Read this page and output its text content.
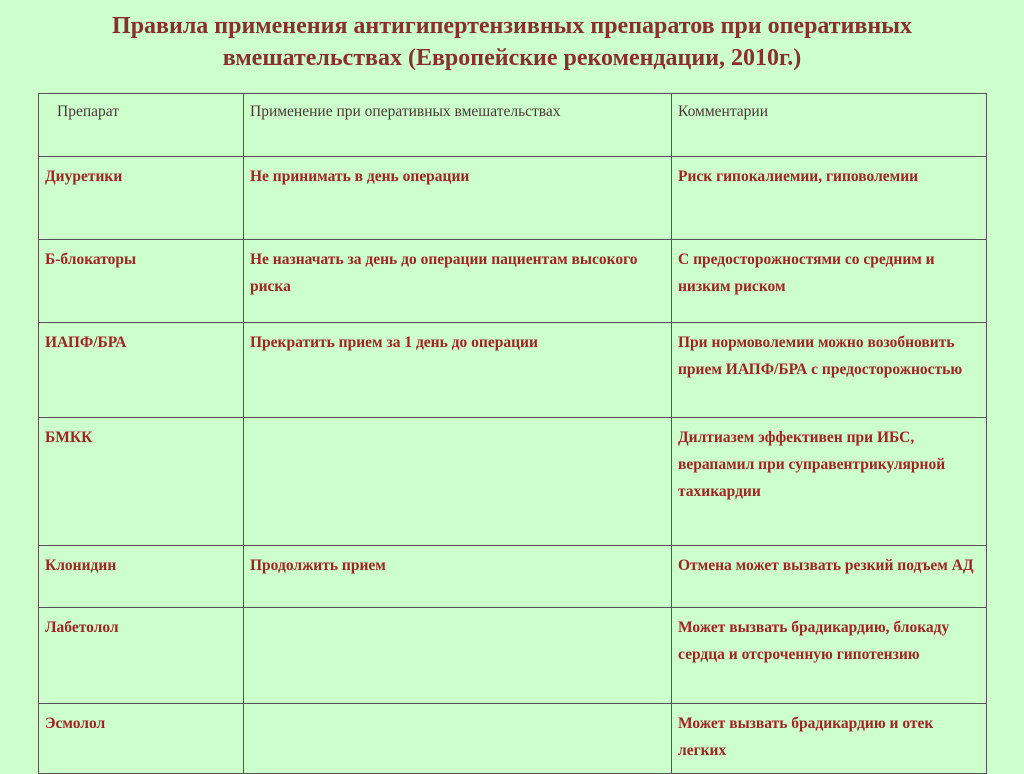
Правила применения антигипертензивных препаратов при оперативных
вмешательствах (Европейские рекомендации, 2010г.)
Препарат	Применение при оперативных вмешательствах	Комментарии
Диуретики	Не принимать в день операции	Риск гипокалиемии, гиповолемии
Б-блокаторы	Не назначать за день до операции пациентам высокого риска	С предосторожностями со средним и низким риском
ИАПФ/БРА	Прекратить прием за 1 день до операции	При нормоволемии можно возобновить прием ИАПФ/БРА с предосторожностью
БМКК		Дилтиазем эффективен при ИБС, верапамил при суправентрикулярной тахикардии
Клонидин	Продолжить прием	Отмена может вызвать резкий подъем АД
Лабетолол		Может вызвать брадикардию, блокаду сердца и отсроченную гипотензию
Эсмолол		Может вызвать брадикардию и отек легких
